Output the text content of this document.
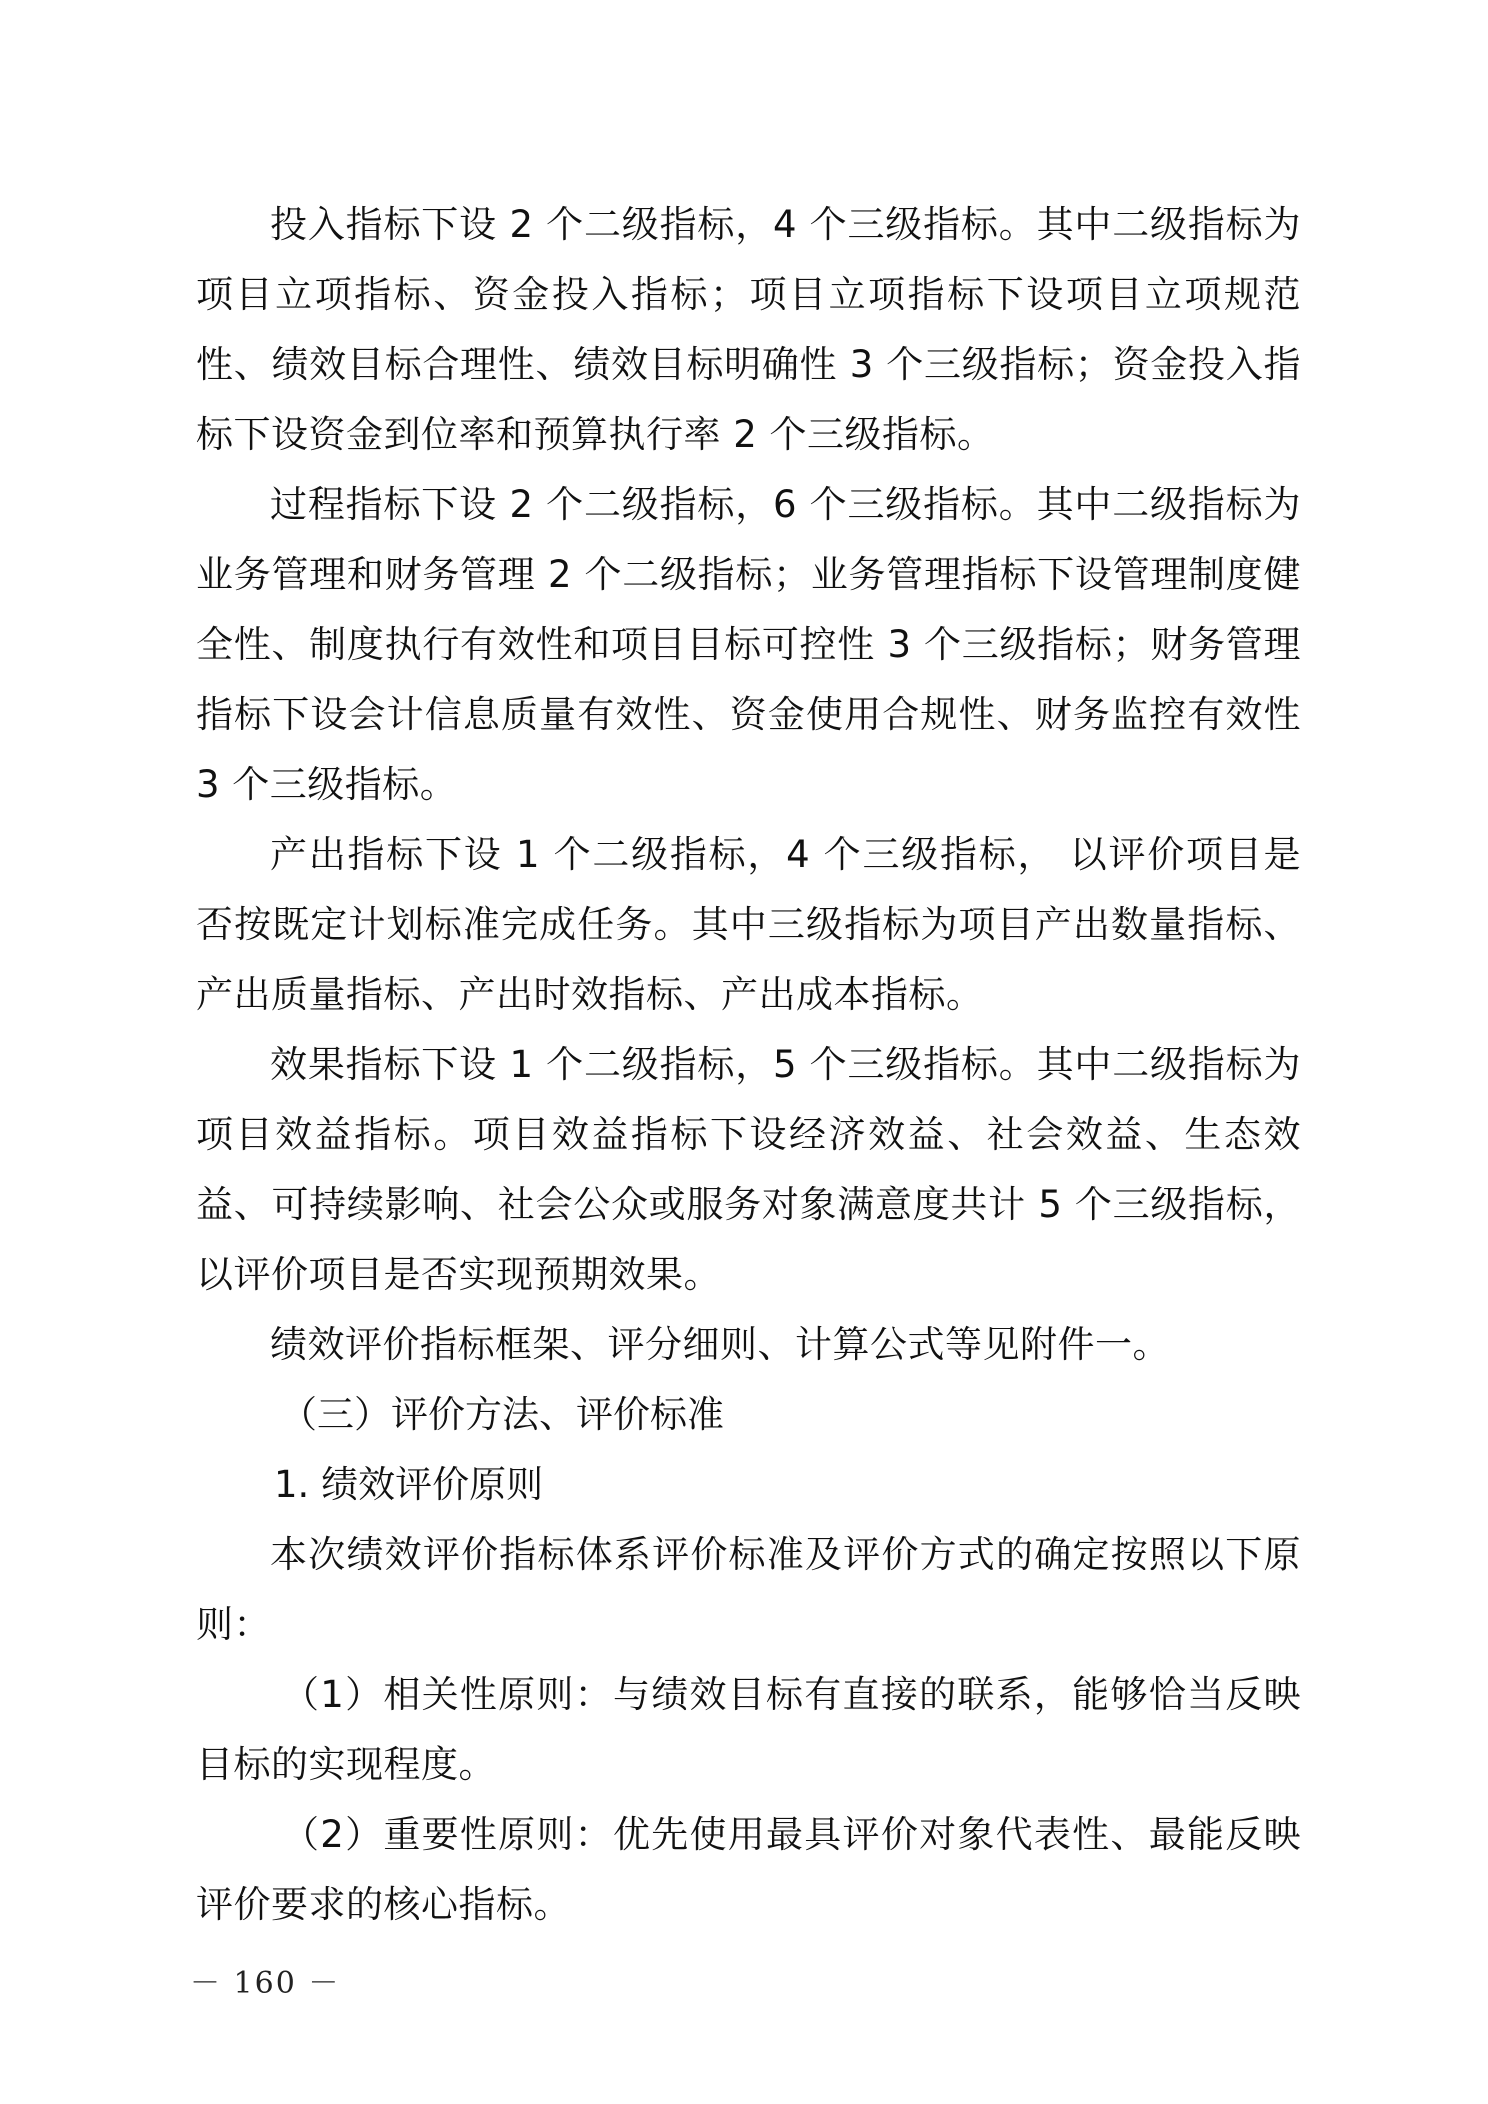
投入指标下设 2 个二级指标，4 个三级指标。其中二级指标为项目立项指标、资金投入指标；项目立项指标下设项目立项规范性、绩效目标合理性、绩效目标明确性 3 个三级指标；资金投入指标下设资金到位率和预算执行率 2 个三级指标。

过程指标下设 2 个二级指标，6 个三级指标。其中二级指标为业务管理和财务管理 2 个二级指标；业务管理指标下设管理制度健全性、制度执行有效性和项目目标可控性 3 个三级指标；财务管理指标下设会计信息质量有效性、资金使用合规性、财务监控有效性 3 个三级指标。

产出指标下设 1 个二级指标，4 个三级指标， 以评价项目是否按既定计划标准完成任务。其中三级指标为项目产出数量指标、产出质量指标、产出时效指标、产出成本指标。

效果指标下设 1 个二级指标，5 个三级指标。其中二级指标为项目效益指标。项目效益指标下设经济效益、社会效益、生态效益、可持续影响、社会公众或服务对象满意度共计 5 个三级指标， 以评价项目是否实现预期效果。

绩效评价指标框架、评分细则、计算公式等见附件一。

（三）评价方法、评价标准

1. 绩效评价原则

本次绩效评价指标体系评价标准及评价方式的确定按照以下原则：

（1）相关性原则：与绩效目标有直接的联系，能够恰当反映目标的实现程度。

（2）重要性原则：优先使用最具评价对象代表性、最能反映评价要求的核心指标。

－ 160 －
